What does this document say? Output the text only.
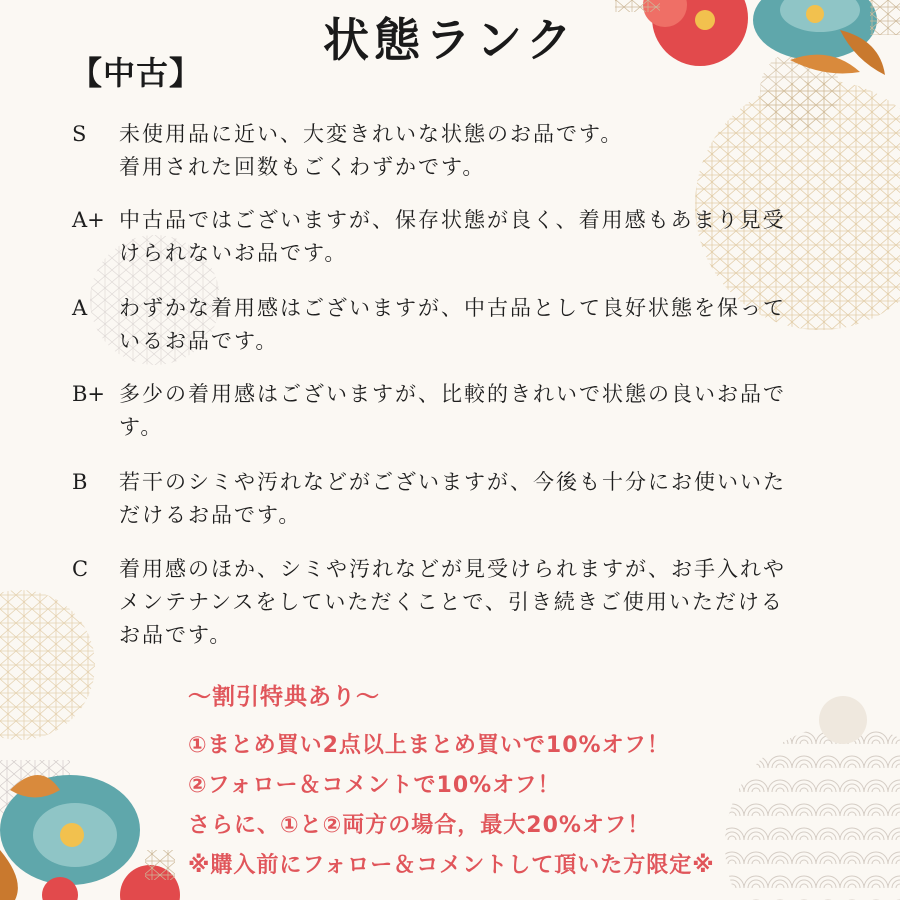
状態ランク
【中古】
S	未使用品に近い、大変きれいな状態のお品です。
着用された回数もごくわずかです。
A+ 中古品ではございますが、保存状態が良く、着用感もあまり見受
けられないお品です。
A	わずかな着用感はございますが、中古品として良好状態を保って
いるお品です。
B+ 多少の着用感はございますが、比較的きれいで状態の良いお品で
す。
B	若干のシミや汚れなどがございますが、今後も十分にお使いいた
だけるお品です。
C	着用感のほか、シミや汚れなどが見受けられますが、お手入れや
メンテナンスをしていただくことで、引き続きご使用いただける
お品です。
～割引特典あり～
①まとめ買い2点以上まとめ買いで10%オフ！
②フォロー＆コメントで10%オフ！
さらに、①と②両方の場合，最大20%オフ！
※購入前にフォロー＆コメントして頂いた方限定※
